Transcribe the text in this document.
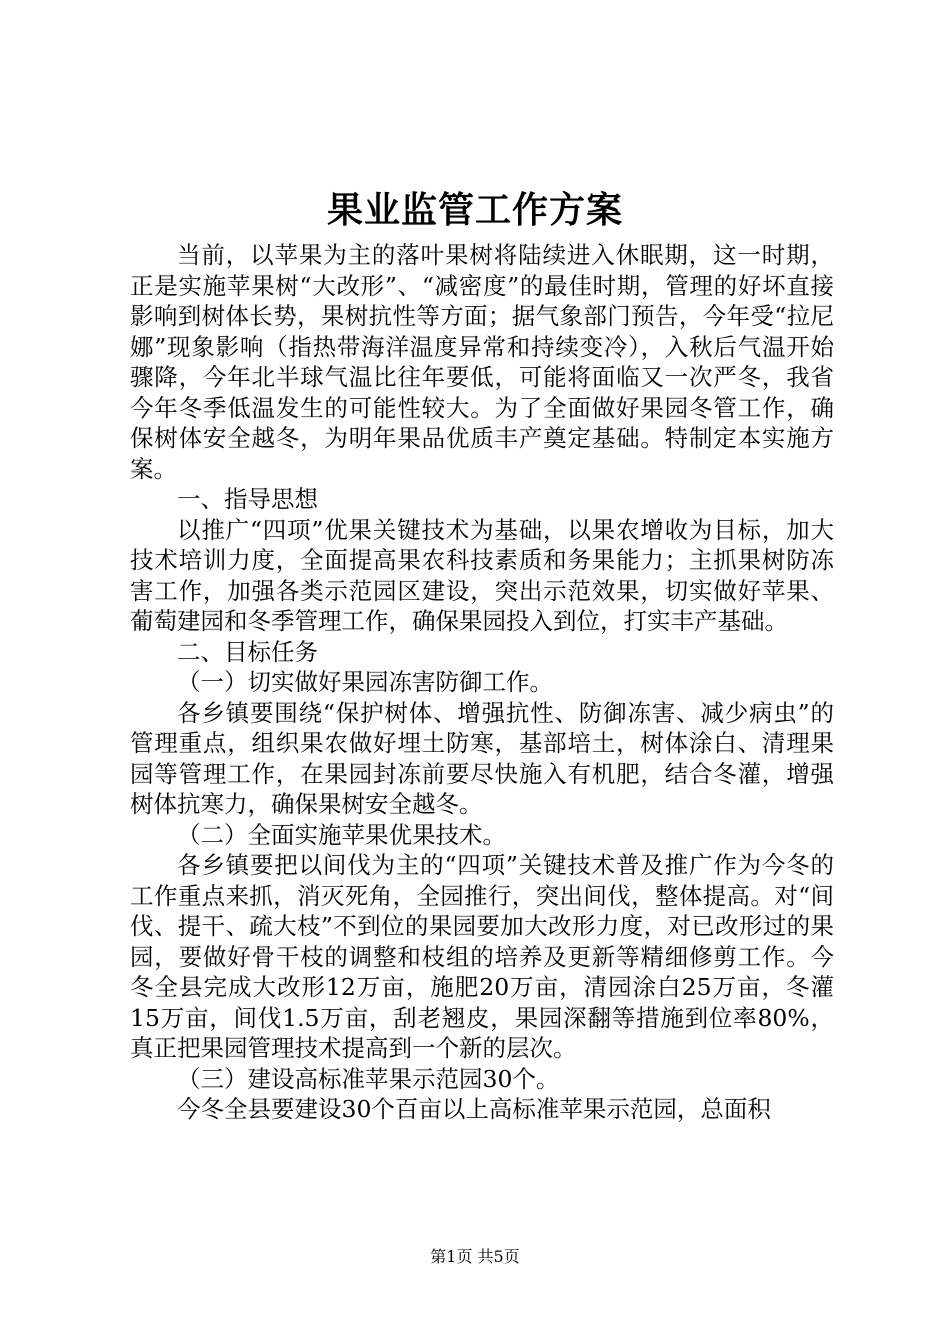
果业监管工作方案

当前，以苹果为主的落叶果树将陆续进入休眠期，这一时期，正是实施苹果树“大改形”、“减密度”的最佳时期，管理的好坏直接影响到树体长势，果树抗性等方面；据气象部门预告，今年受“拉尼娜”现象影响（指热带海洋温度异常和持续变冷），入秋后气温开始骤降，今年北半球气温比往年要低，可能将面临又一次严冬，我省今年冬季低温发生的可能性较大。为了全面做好果园冬管工作，确保树体安全越冬，为明年果品优质丰产奠定基础。特制定本实施方案。

一、指导思想

以推广“四项”优果关键技术为基础，以果农增收为目标，加大技术培训力度，全面提高果农科技素质和务果能力；主抓果树防冻害工作，加强各类示范园区建设，突出示范效果，切实做好苹果、葡萄建园和冬季管理工作，确保果园投入到位，打实丰产基础。

二、目标任务

（一）切实做好果园冻害防御工作。

各乡镇要围绕“保护树体、增强抗性、防御冻害、减少病虫”的管理重点，组织果农做好埋土防寒，基部培土，树体涂白、清理果园等管理工作，在果园封冻前要尽快施入有机肥，结合冬灌，增强树体抗寒力，确保果树安全越冬。

（二）全面实施苹果优果技术。

各乡镇要把以间伐为主的“四项”关键技术普及推广作为今冬的工作重点来抓，消灭死角，全园推行，突出间伐，整体提高。对“间伐、提干、疏大枝”不到位的果园要加大改形力度，对已改形过的果园，要做好骨干枝的调整和枝组的培养及更新等精细修剪工作。今冬全县完成大改形12万亩，施肥20万亩，清园涂白25万亩，冬灌15万亩，间伐1.5万亩，刮老翘皮，果园深翻等措施到位率80%，真正把果园管理技术提高到一个新的层次。

（三）建设高标准苹果示范园30个。

今冬全县要建设30个百亩以上高标准苹果示范园，总面积

第1页 共5页
